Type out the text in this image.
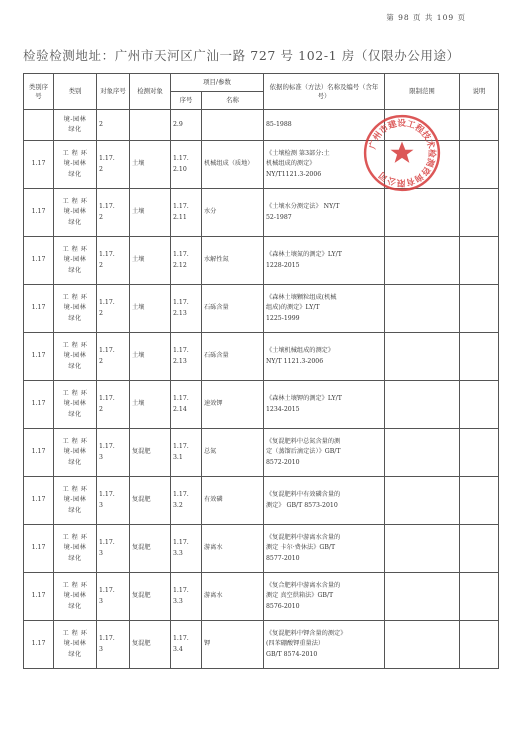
第 98 页 共 109 页
检验检测地址：广州市天河区广汕一路 727 号 102-1 房（仅限办公用途）
类别序号	类别	对象序号	检测对象	项目/参数		依据的标准（方法）名称及编号（含年号）	限制范围	说明
				序号	名称			

	境-园林
绿化	2		2.9		85-1988		

1.17	工 程 环
境-园林
绿化	1.17.
2	土壤	1.17.
2.10	机械组成（质地）	《土壤检测 第3部分:土
机械组成的测定》
NY/T1121.3-2006		

1.17	工 程 环
境-园林
绿化	1.17.
2	土壤	1.17.
2.11	水分	《土壤水分测定法》 NY/T
52-1987		

1.17	工 程 环
境-园林
绿化	1.17.
2	土壤	1.17.
2.12	水解性氮	《森林土壤氮的测定》LY/T
1228-2015		

1.17	工 程 环
境-园林
绿化	1.17.
2	土壤	1.17.
2.13	石砾含量	《森林土壤颗粒组成(机械
组成)的测定》LY/T
1225-1999		

1.17	工 程 环
境-园林
绿化	1.17.
2	土壤	1.17.
2.13	石砾含量	《土壤机械组成的测定》
NY/T 1121.3-2006		

1.17	工 程 环
境-园林
绿化	1.17.
2	土壤	1.17.
2.14	速效钾	《森林土壤钾的测定》LY/T
1234-2015		

1.17	工 程 环
境-园林
绿化	1.17.
3	复混肥	1.17.
3.1	总氮	《复混肥料中总氮含量的测
定（蒸馏后滴定法）》GB/T
8572-2010		

1.17	工 程 环
境-园林
绿化	1.17.
3	复混肥	1.17.
3.2	有效磷	《复混肥料中有效磷含量的
测定》 GB/T 8573-2010		

1.17	工 程 环
境-园林
绿化	1.17.
3	复混肥	1.17.
3.3	游离水	《复混肥料中游离水含量的
测定 卡尔·费休法》GB/T
8577-2010		

1.17	工 程 环
境-园林
绿化	1.17.
3	复混肥	1.17.
3.3	游离水	《复合肥料中游离水含量的
测定 真空烘箱法》GB/T
8576-2010		

1.17	工 程 环
境-园林
绿化	1.17.
3	复混肥	1.17.
3.4	钾	《复混肥料中钾含量的测定》
(四苯硼酸钾重量法）
GB/T 8574-2010		

广州市建设工程技术检测咨询有限公司
